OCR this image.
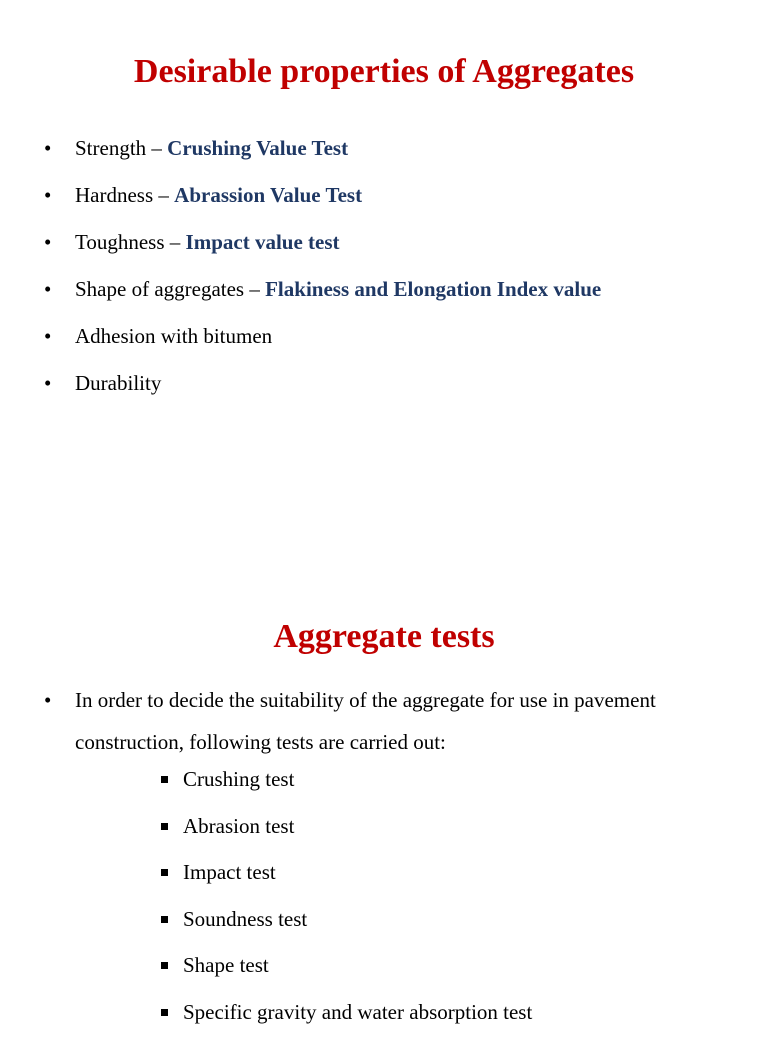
Desirable properties of Aggregates
• Strength – Crushing Value Test
• Hardness – Abrassion Value Test
• Toughness – Impact value test
• Shape of aggregates – Flakiness and Elongation Index value
• Adhesion with bitumen
• Durability
Aggregate tests
• In order to decide the suitability of the aggregate for use in pavement construction, following tests are carried out:
Crushing test
Abrasion test
Impact test
Soundness test
Shape test
Specific gravity and water absorption test
